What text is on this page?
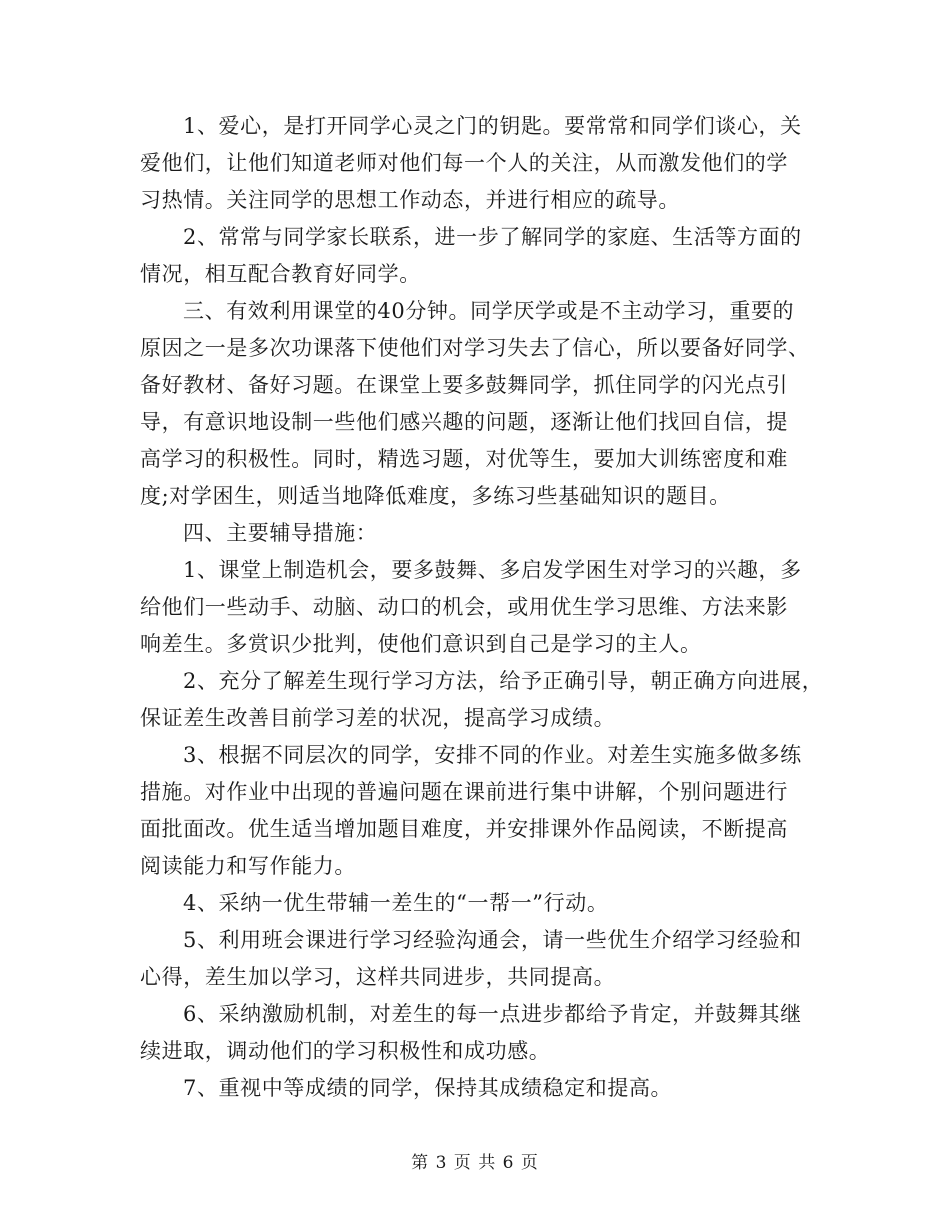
1、爱心，是打开同学心灵之门的钥匙。要常常和同学们谈心，关
爱他们，让他们知道老师对他们每一个人的关注，从而激发他们的学
习热情。关注同学的思想工作动态，并进行相应的疏导。
2、常常与同学家长联系，进一步了解同学的家庭、生活等方面的
情况，相互配合教育好同学。
三、有效利用课堂的40分钟。同学厌学或是不主动学习，重要的
原因之一是多次功课落下使他们对学习失去了信心，所以要备好同学、
备好教材、备好习题。在课堂上要多鼓舞同学，抓住同学的闪光点引
导，有意识地设制一些他们感兴趣的问题，逐渐让他们找回自信，提
高学习的积极性。同时，精选习题，对优等生，要加大训练密度和难
度;对学困生，则适当地降低难度，多练习些基础知识的题目。
四、主要辅导措施：
1、课堂上制造机会，要多鼓舞、多启发学困生对学习的兴趣，多
给他们一些动手、动脑、动口的机会，或用优生学习思维、方法来影
响差生。多赏识少批判，使他们意识到自己是学习的主人。
2、充分了解差生现行学习方法，给予正确引导，朝正确方向进展，
保证差生改善目前学习差的状况，提高学习成绩。
3、根据不同层次的同学，安排不同的作业。对差生实施多做多练
措施。对作业中出现的普遍问题在课前进行集中讲解，个别问题进行
面批面改。优生适当增加题目难度，并安排课外作品阅读，不断提高
阅读能力和写作能力。
4、采纳一优生带辅一差生的“一帮一”行动。
5、利用班会课进行学习经验沟通会，请一些优生介绍学习经验和
心得，差生加以学习，这样共同进步，共同提高。
6、采纳激励机制，对差生的每一点进步都给予肯定，并鼓舞其继
续进取，调动他们的学习积极性和成功感。
7、重视中等成绩的同学，保持其成绩稳定和提高。
第 3 页 共 6 页
